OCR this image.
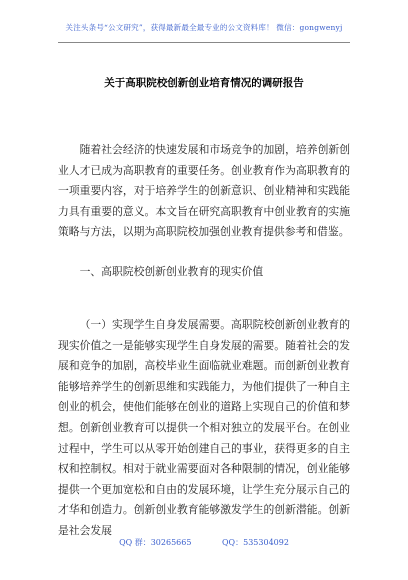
关注头条号“公文研究”，获得最新最全最专业的公文资料库！ 微信：gongwenyj
关于高职院校创新创业培育情况的调研报告
随着社会经济的快速发展和市场竞争的加剧，培养创新创业人才已成为高职教育的重要任务。创业教育作为高职教育的一项重要内容，对于培养学生的创新意识、创业精神和实践能力具有重要的意义。本文旨在研究高职教育中创业教育的实施策略与方法，以期为高职院校加强创业教育提供参考和借鉴。
一、高职院校创新创业教育的现实价值
（一）实现学生自身发展需要。高职院校创新创业教育的现实价值之一是能够实现学生自身发展的需要。随着社会的发展和竞争的加剧，高校毕业生面临就业难题。而创新创业教育能够培养学生的创新思维和实践能力，为他们提供了一种自主创业的机会，使他们能够在创业的道路上实现自己的价值和梦想。创新创业教育可以提供一个相对独立的发展平台。在创业过程中，学生可以从零开始创建自己的事业，获得更多的自主权和控制权。相对于就业需要面对各种限制的情况，创业能够提供一个更加宽松和自由的发展环境，让学生充分展示自己的才华和创造力。创新创业教育能够激发学生的创新潜能。创新是社会发展
QQ 群：30265665	QQ：535304092
